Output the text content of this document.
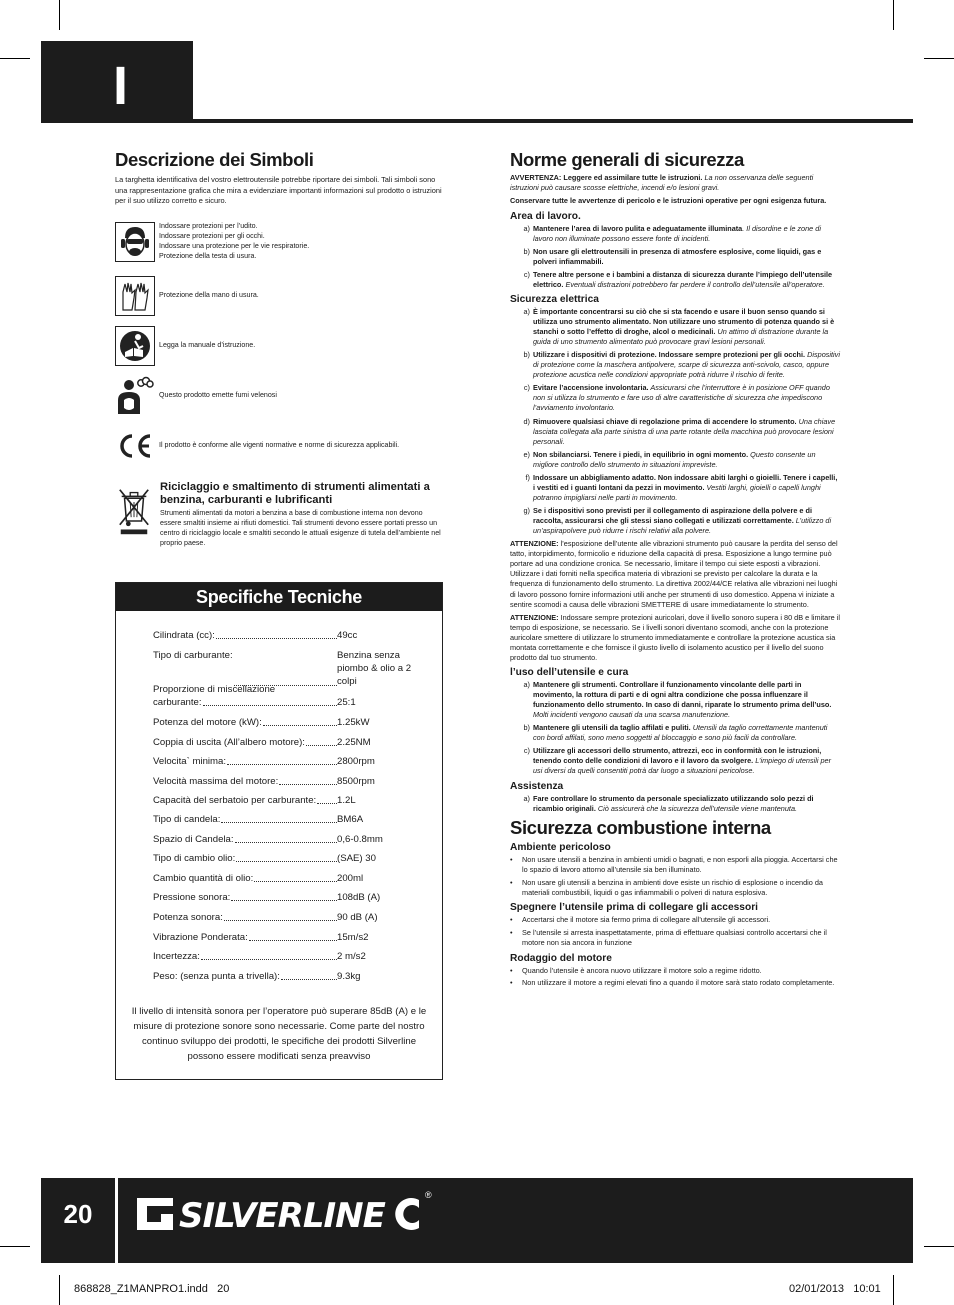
I
Descrizione dei Simboli

La targhetta identificativa del vostro elettroutensile potrebbe riportare dei simboli. Tali simboli sono una rappresentazione grafica che mira a evidenziare importanti informazioni sul prodotto o istruzioni per il suo utilizzo corretto e sicuro.

Indossare protezioni per l’udito.
Indossare protezioni per gli occhi.
Indossare una protezione per le vie respiratorie.
Protezione della testa di usura.
Protezione della mano di usura.
Legga la manuale d’istruzione.
Questo prodotto emette fumi velenosi
Il prodotto è conforme alle vigenti normative e norme di sicurezza applicabili.
Riciclaggio e smaltimento di strumenti alimentati a benzina, carburanti e lubrificanti
Strumenti alimentati da motori a benzina a base di combustione interna non devono essere smaltiti insieme ai rifiuti domestici. Tali strumenti devono essere portati presso un centro di riciclaggio locale e smaltiti secondo le attuali esigenze di tutela dell’ambiente nel proprio paese.
Specifiche Tecniche
Cilindrata (cc):	49cc
Tipo di carburante:	Benzina senza piombo & olio a 2 colpi
Proporzione di miscellazione
carburante:	25:1
Potenza del motore (kW):	1.25kW
Coppia di uscita (All’albero motore):	2.25NM
Velocita` minima:	2800rpm
Velocità massima del motore:	8500rpm
Capacità del serbatoio per carburante: 1.2L
Tipo di candela:	BM6A
Spazio di Candela:	0,6-0.8mm
Tipo di cambio olio:	(SAE) 30
Cambio quantità di olio:	200ml
Pressione sonora:	108dB (A)
Potenza sonora:	90 dB (A)
Vibrazione Ponderata:	15m/s2
Incertezza:	2 m/s2
Peso: (senza punta a trivella):	9.3kg
Il livello di intensità sonora per l’operatore può superare 85dB (A) e le misure di protezione sonore sono necessarie. Come parte del nostro continuo sviluppo dei prodotti, le specifiche dei prodotti Silverline possono essere modificati senza preavviso
Norme generali di sicurezza

AVVERTENZA: Leggere ed assimilare tutte le istruzioni. La non osservanza delle seguenti istruzioni può causare scosse elettriche, incendi e/o lesioni gravi.

Conservare tutte le avvertenze di pericolo e le istruzioni operative per ogni esigenza futura.

Area di lavoro.
a) Mantenere l’area di lavoro pulita e adeguatamente illuminata. Il disordine e le zone di lavoro non illuminate possono essere fonte di incidenti.
b) Non usare gli elettroutensili in presenza di atmosfere esplosive, come liquidi, gas e polveri infiammabili.
c) Tenere altre persone e i bambini a distanza di sicurezza durante l’impiego dell’utensile elettrico. Eventuali distrazioni potrebbero far perdere il controllo dell’utensile all’operatore.
Sicurezza elettrica
a) È importante concentrarsi su ciò che si sta facendo e usare il buon senso quando si utilizza uno strumento alimentato. Non utilizzare uno strumento di potenza quando si è stanchi o sotto l’effetto di droghe, alcol o medicinali. Un attimo di distrazione durante la guida di uno strumento alimentato può provocare gravi lesioni personali.
b) Utilizzare i dispositivi di protezione. Indossare sempre protezioni per gli occhi. Dispositivi di protezione come la maschera antipolvere, scarpe di sicurezza anti-scivolo, casco, oppure protezione acustica nelle condizioni appropriate potrà ridurre il rischio di ferite.
c) Evitare l’accensione involontaria. Assicurarsi che l’interruttore è in posizione OFF quando non si utilizza lo strumento e fare uso di altre caratteristiche di sicurezza che impediscono l’avviamento involontario.
d) Rimuovere qualsiasi chiave di regolazione prima di accendere lo strumento. Una chiave lasciata collegata alla parte sinistra di una parte rotante della macchina può provocare lesioni personali.
e) Non sbilanciarsi. Tenere i piedi, in equilibrio in ogni momento. Questo consente un migliore controllo dello strumento in situazioni impreviste.
f) Indossare un abbigliamento adatto. Non indossare abiti larghi o gioielli. Tenere i capelli, i vestiti ed i guanti lontani da pezzi in movimento. Vestiti larghi, gioielli o capelli lunghi potranno impigliarsi nelle parti in movimento.
g) Se i dispositivi sono previsti per il collegamento di aspirazione della polvere e di raccolta, assicurarsi che gli stessi siano collegati e utilizzati correttamente. L’utilizzo di un’aspirapolvere può ridurre i rischi relativi alla polvere.

ATTENZIONE: l’esposizione dell’utente alle vibrazioni strumento può causare la perdita del senso del tatto, intorpidimento, formicolio e riduzione della capacità di presa. Esposizione a lungo termine può portare ad una condizione cronica. Se necessario, limitare il tempo cui siete esposti a vibrazioni. Utilizzare i dati forniti nella specifica materia di vibrazioni se previsto per calcolare la durata e la frequenza di funzionamento dello strumento. La direttiva 2002/44/CE relativa alle vibrazioni nei luoghi di lavoro possono fornire informazioni utili anche per strumenti di uso domestico. Appena vi iniziate a sentire scomodi a causa delle vibrazioni SMETTERE di usare immediatamente lo strumento.

ATTENZIONE: Indossare sempre protezioni auricolari, dove il livello sonoro supera i 80 dB e limitare il tempo di esposizione, se necessario. Se i livelli sonori diventano scomodi, anche con la protezione auricolare smettere di utilizzare lo strumento immediatamente e controllare la protezione acustica sia montata correttamente e che fornisce il giusto livello di isolamento acustico per il livello del suono prodotto dal tuo strumento.

l’uso dell’utensile e cura
a) Mantenere gli strumenti. Controllare il funzionamento vincolante delle parti in movimento, la rottura di parti e di ogni altra condizione che possa influenzare il funzionamento dello strumento. In caso di danni, riparate lo strumento prima dell’uso. Molti incidenti vengono causati da una scarsa manutenzione.
b) Mantenere gli utensili da taglio affilati e puliti. Utensili da taglio correttamente mantenuti con bordi affilati, sono meno soggetti al bloccaggio e sono più facili da controllare.
c) Utilizzare gli accessori dello strumento, attrezzi, ecc in conformità con le istruzioni, tenendo conto delle condizioni di lavoro e il lavoro da svolgere. L’impiego di utensili per usi diversi da quelli consentiti potrà dar luogo a situazioni pericolose.
Assistenza
a) Fare controllare lo strumento da personale specializzato utilizzando solo pezzi di ricambio originali. Ciò assicurerà che la sicurezza dell’utensile viene mantenuta.
Sicurezza combustione interna
Ambiente pericoloso
•	Non usare utensili a benzina in ambienti umidi o bagnati, e non esporli alla pioggia. Accertarsi che lo spazio di lavoro attorno all’utensile sia ben illuminato.
•	Non usare gli utensili a benzina in ambienti dove esiste un rischio di esplosione o incendio da materiali combustibili, liquidi o gas infiammabili o polveri di natura esplosiva.
Spegnere l’utensile prima di collegare gli accessori
•	Accertarsi che il motore sia fermo prima di collegare all’utensile gli accessori.
•	Se l’utensile si arresta inaspettatamente, prima di effettuare qualsiasi controllo accertarsi che il motore non sia ancora in funzione
Rodaggio del motore
•	Quando l’utensile è ancora nuovo utilizzare il motore solo a regime ridotto.
•	Non utilizzare il motore a regimi elevati fino a quando il motore sarà stato rodato completamente.
20	SILVERLINE
®
868828_Z1MANPRO1.indd   20	02/01/2013   10:01
